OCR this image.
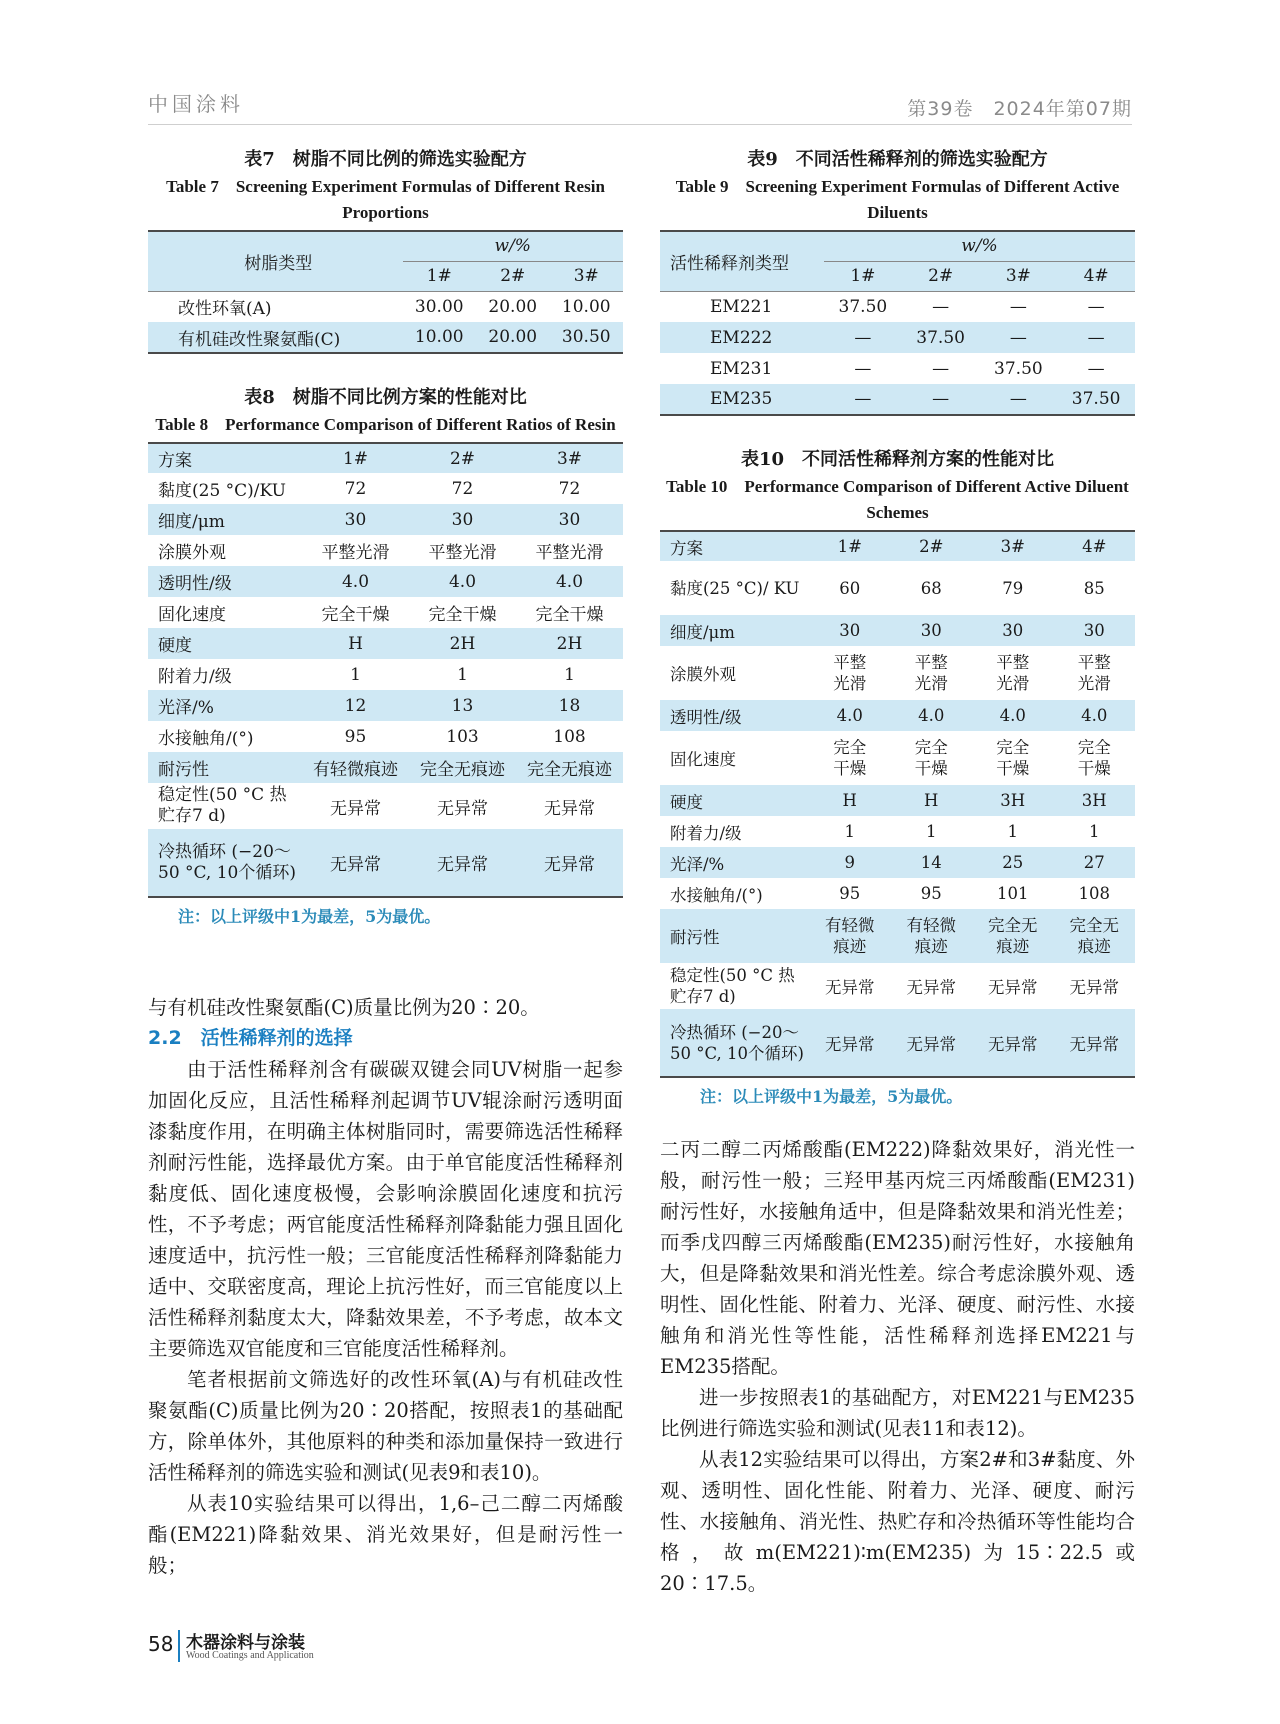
中国涂料	第39卷　2024年第07期
表7　树脂不同比例的筛选实验配方
Table 7　Screening Experiment Formulas of Different Resin Proportions
树脂类型	w/%		
	1#	2#	3#
改性环氧(A)	30.00	20.00	10.00
有机硅改性聚氨酯(C)	10.00	20.00	30.50
表8　树脂不同比例方案的性能对比
Table 8　Performance Comparison of Different Ratios of Resin
方案	1#	2#	3#
黏度(25 °C)/KU	72	72	72
细度/μm	30	30	30
涂膜外观	平整光滑	平整光滑	平整光滑
透明性/级	4.0	4.0	4.0
固化速度	完全干燥	完全干燥	完全干燥
硬度	H	2H	2H
附着力/级	1	1	1
光泽/%	12	13	18
水接触角/(°)	95	103	108
耐污性	有轻微痕迹	完全无痕迹	完全无痕迹
稳定性(50 °C 热贮存7 d)	无异常	无异常	无异常
冷热循环 (−20～50 °C, 10个循环)	无异常	无异常	无异常
注：以上评级中1为最差，5为最优。

与有机硅改性聚氨酯(C)质量比例为20∶20。

2.2　活性稀释剂的选择

由于活性稀释剂含有碳碳双键会同UV树脂一起参加固化反应，且活性稀释剂起调节UV辊涂耐污透明面漆黏度作用，在明确主体树脂同时，需要筛选活性稀释剂耐污性能，选择最优方案。由于单官能度活性稀释剂黏度低、固化速度极慢，会影响涂膜固化速度和抗污性，不予考虑；两官能度活性稀释剂降黏能力强且固化速度适中，抗污性一般；三官能度活性稀释剂降黏能力适中、交联密度高，理论上抗污性好，而三官能度以上活性稀释剂黏度太大，降黏效果差，不予考虑，故本文主要筛选双官能度和三官能度活性稀释剂。

笔者根据前文筛选好的改性环氧(A)与有机硅改性聚氨酯(C)质量比例为20∶20搭配，按照表1的基础配方，除单体外，其他原料的种类和添加量保持一致进行活性稀释剂的筛选实验和测试(见表9和表10)。

从表10实验结果可以得出，1,6–己二醇二丙烯酸酯(EM221)降黏效果、消光效果好，但是耐污性一般；

表9　不同活性稀释剂的筛选实验配方
Table 9　Screening Experiment Formulas of Different Active Diluents
活性稀释剂类型	w/%			
	1#	2#	3#	4#
EM221	37.50	—	—	—
EM222	—	37.50	—	—
EM231	—	—	37.50	—
EM235	—	—	—	37.50
表10　不同活性稀释剂方案的性能对比
Table 10　Performance Comparison of Different Active Diluent Schemes
方案	1#	2#	3#	4#
黏度(25 °C)/ KU	60	68	79	85
细度/μm	30	30	30	30
涂膜外观	平整 光滑	平整 光滑	平整 光滑	平整 光滑
透明性/级	4.0	4.0	4.0	4.0
固化速度	完全 干燥	完全 干燥	完全 干燥	完全 干燥
硬度	H	H	3H	3H
附着力/级	1	1	1	1
光泽/%	9	14	25	27
水接触角/(°)	95	95	101	108
耐污性	有轻微 痕迹	有轻微 痕迹	完全无 痕迹	完全无 痕迹
稳定性(50 °C 热贮存7 d)	无异常	无异常	无异常	无异常
冷热循环 (−20～50 °C, 10个循环)	无异常	无异常	无异常	无异常
注：以上评级中1为最差，5为最优。

二丙二醇二丙烯酸酯(EM222)降黏效果好，消光性一般，耐污性一般；三羟甲基丙烷三丙烯酸酯(EM231)耐污性好，水接触角适中，但是降黏效果和消光性差；而季戊四醇三丙烯酸酯(EM235)耐污性好，水接触角大，但是降黏效果和消光性差。综合考虑涂膜外观、透明性、固化性能、附着力、光泽、硬度、耐污性、水接触角和消光性等性能，活性稀释剂选择EM221与EM235搭配。

进一步按照表1的基础配方，对EM221与EM235比例进行筛选实验和测试(见表11和表12)。

从表12实验结果可以得出，方案2#和3#黏度、外观、透明性、固化性能、附着力、光泽、硬度、耐污性、水接触角、消光性、热贮存和冷热循环等性能均合格，故m(EM221)∶m(EM235)为15∶22.5或20∶17.5。

58 木器涂料与涂装
Wood Coatings and Application
